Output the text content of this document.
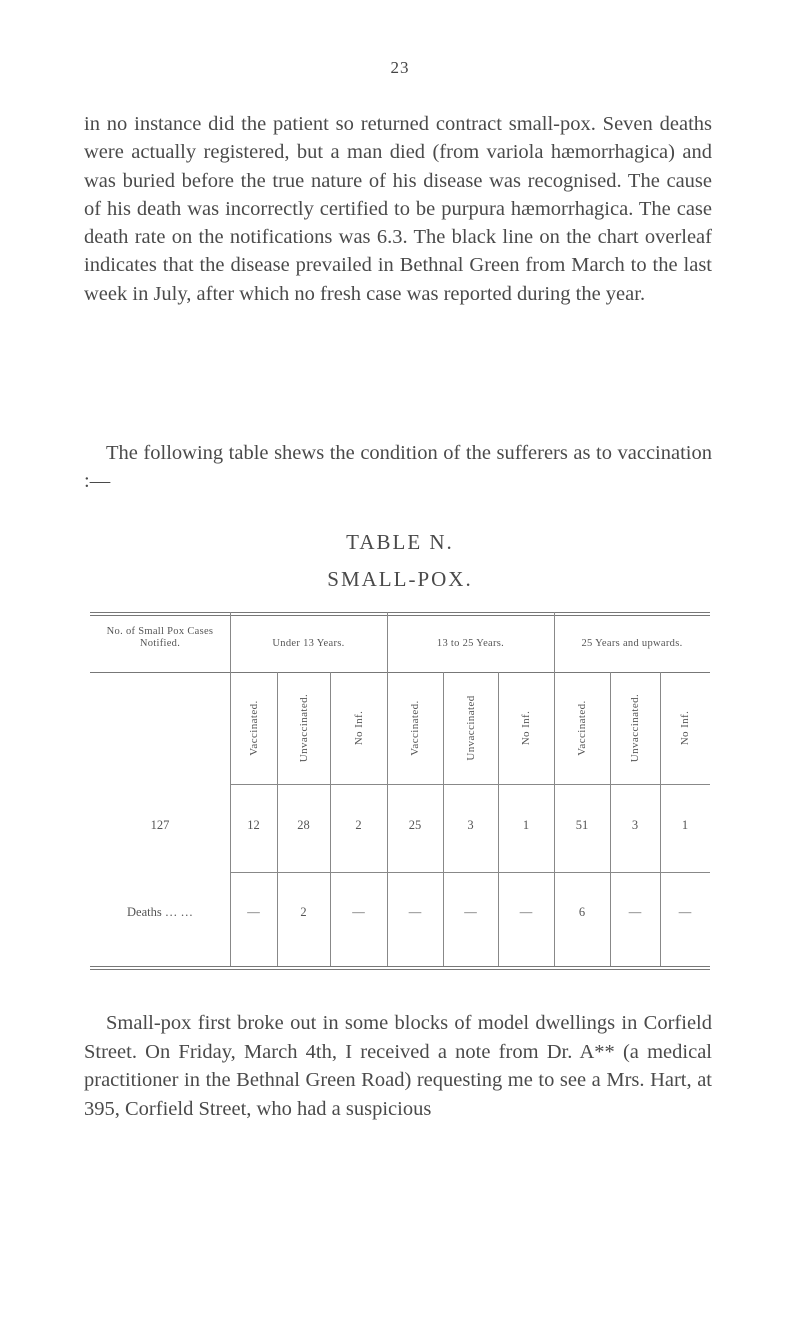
23

in no instance did the patient so returned contract small-pox. Seven deaths were actually registered, but a man died (from variola hæmorrhagica) and was buried before the true nature of his disease was recognised. The cause of his death was incorrectly certified to be purpura hæmorrhagica. The case death rate on the notifications was 6.3. The black line on the chart overleaf indicates that the disease prevailed in Bethnal Green from March to the last week in July, after which no fresh case was reported during the year.

The following table shews the condition of the sufferers as to vaccination :—

TABLE N.
SMALL-POX.
No. of Small Pox Cases Notified.	Under 13 Years.	13 to 25 Years.	25 Years and upwards.
Vaccinated.	Unvaccinated.	No Inf.	Vaccinated.	Unvaccinated	No Inf.	Vaccinated.	Unvaccinated.	No Inf.
127	12	28	2	25	3	1	51	3	1
Deaths … …	—	2	—	—	—	—	6	—	—

Small-pox first broke out in some blocks of model dwellings in Corfield Street. On Friday, March 4th, I received a note from Dr. A** (a medical practitioner in the Bethnal Green Road) requesting me to see a Mrs. Hart, at 395, Corfield Street, who had a suspicious
